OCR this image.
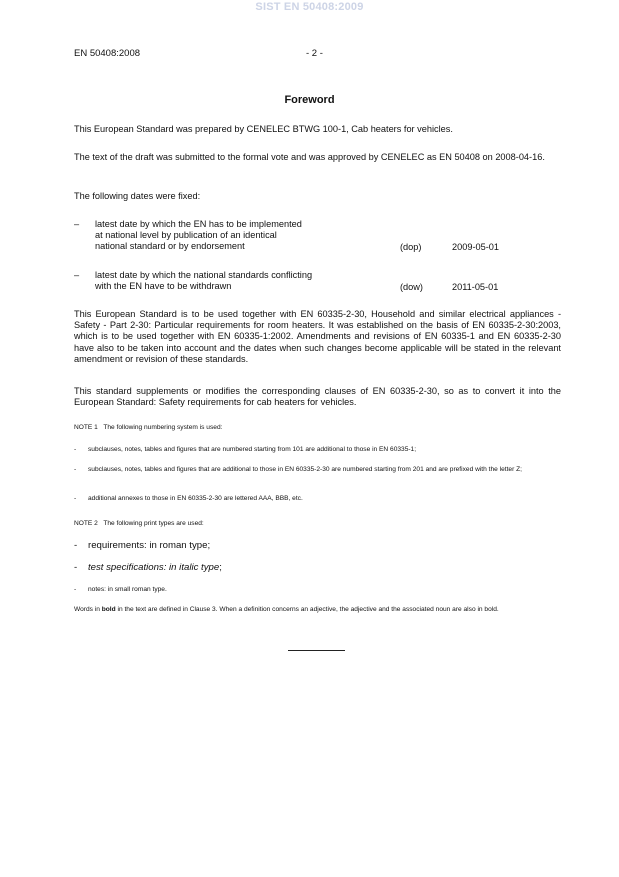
SIST EN 50408:2009
EN 50408:2008	- 2 -
Foreword
This European Standard was prepared by CENELEC BTWG 100-1, Cab heaters for vehicles.
The text of the draft was submitted to the formal vote and was approved by CENELEC as EN 50408 on 2008-04-16.
The following dates were fixed:
– latest date by which the EN has to be implemented
at national level by publication of an identical
national standard or by endorsement	(dop)	2009-05-01
– latest date by which the national standards conflicting
with the EN have to be withdrawn	(dow)	2011-05-01
This European Standard is to be used together with EN 60335-2-30, Household and similar electrical appliances - Safety - Part 2-30: Particular requirements for room heaters. It was established on the basis of EN 60335-2-30:2003, which is to be used together with EN 60335-1:2002. Amendments and revisions of EN 60335-1 and EN 60335-2-30 have also to be taken into account and the dates when such changes become applicable will be stated in the relevant amendment or revision of these standards.
This standard supplements or modifies the corresponding clauses of EN 60335-2-30, so as to convert it into the European Standard: Safety requirements for cab heaters for vehicles.
NOTE 1 The following numbering system is used:
- subclauses, notes, tables and figures that are numbered starting from 101 are additional to those in EN 60335-1;
- subclauses, notes, tables and figures that are additional to those in EN 60335-2-30 are numbered starting from 201 and are prefixed with the letter Z;
- additional annexes to those in EN 60335-2-30 are lettered AAA, BBB, etc.
NOTE 2 The following print types are used:
- requirements: in roman type;
- test specifications: in italic type;
- notes: in small roman type.
Words in bold in the text are defined in Clause 3. When a definition concerns an adjective, the adjective and the associated noun are also in bold.
